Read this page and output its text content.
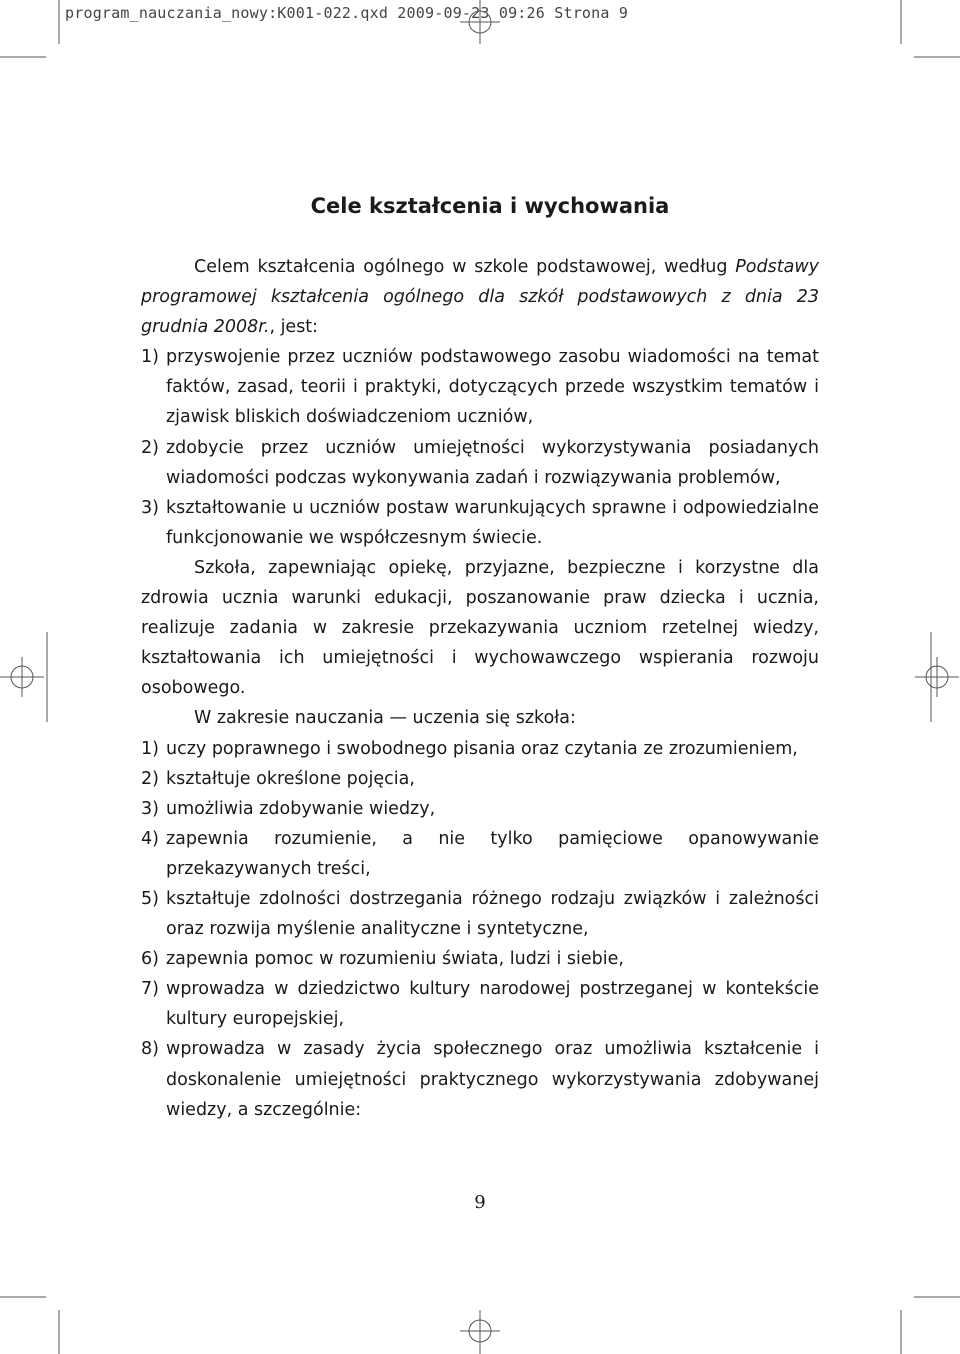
program_nauczania_nowy:K001-022.qxd 2009-09-23 09:26 Strona 9
Cele kształcenia i wychowania

Celem kształcenia ogólnego w szkole podstawowej, według Podstawy programowej kształcenia ogólnego dla szkół podstawowych z dnia 23 grudnia 2008r., jest:

1) przyswojenie przez uczniów podstawowego zasobu wiadomości na temat faktów, zasad, teorii i praktyki, dotyczących przede wszystkim tematów i zjawisk bliskich doświadczeniom uczniów,
2) zdobycie przez uczniów umiejętności wykorzystywania posiadanych wiadomości podczas wykonywania zadań i rozwiązywania problemów,
3) kształtowanie u uczniów postaw warunkujących sprawne i odpowiedzialne funkcjonowanie we współczesnym świecie.

Szkoła, zapewniając opiekę, przyjazne, bezpieczne i korzystne dla zdrowia ucznia warunki edukacji, poszanowanie praw dziecka i ucznia, realizuje zadania w zakresie przekazywania uczniom rzetelnej wiedzy, kształtowania ich umiejętności i wychowawczego wspierania rozwoju osobowego.

W zakresie nauczania — uczenia się szkoła:

1) uczy poprawnego i swobodnego pisania oraz czytania ze zrozumieniem,
2) kształtuje określone pojęcia,
3) umożliwia zdobywanie wiedzy,
4) zapewnia rozumienie, a nie tylko pamięciowe opanowywanie przekazywanych treści,
5) kształtuje zdolności dostrzegania różnego rodzaju związków i zależności oraz rozwija myślenie analityczne i syntetyczne,
6) zapewnia pomoc w rozumieniu świata, ludzi i siebie,
7) wprowadza w dziedzictwo kultury narodowej postrzeganej w kontekście kultury europejskiej,
8) wprowadza w zasady życia społecznego oraz umożliwia kształcenie i doskonalenie umiejętności praktycznego wykorzystywania zdobywanej wiedzy, a szczególnie:
9
